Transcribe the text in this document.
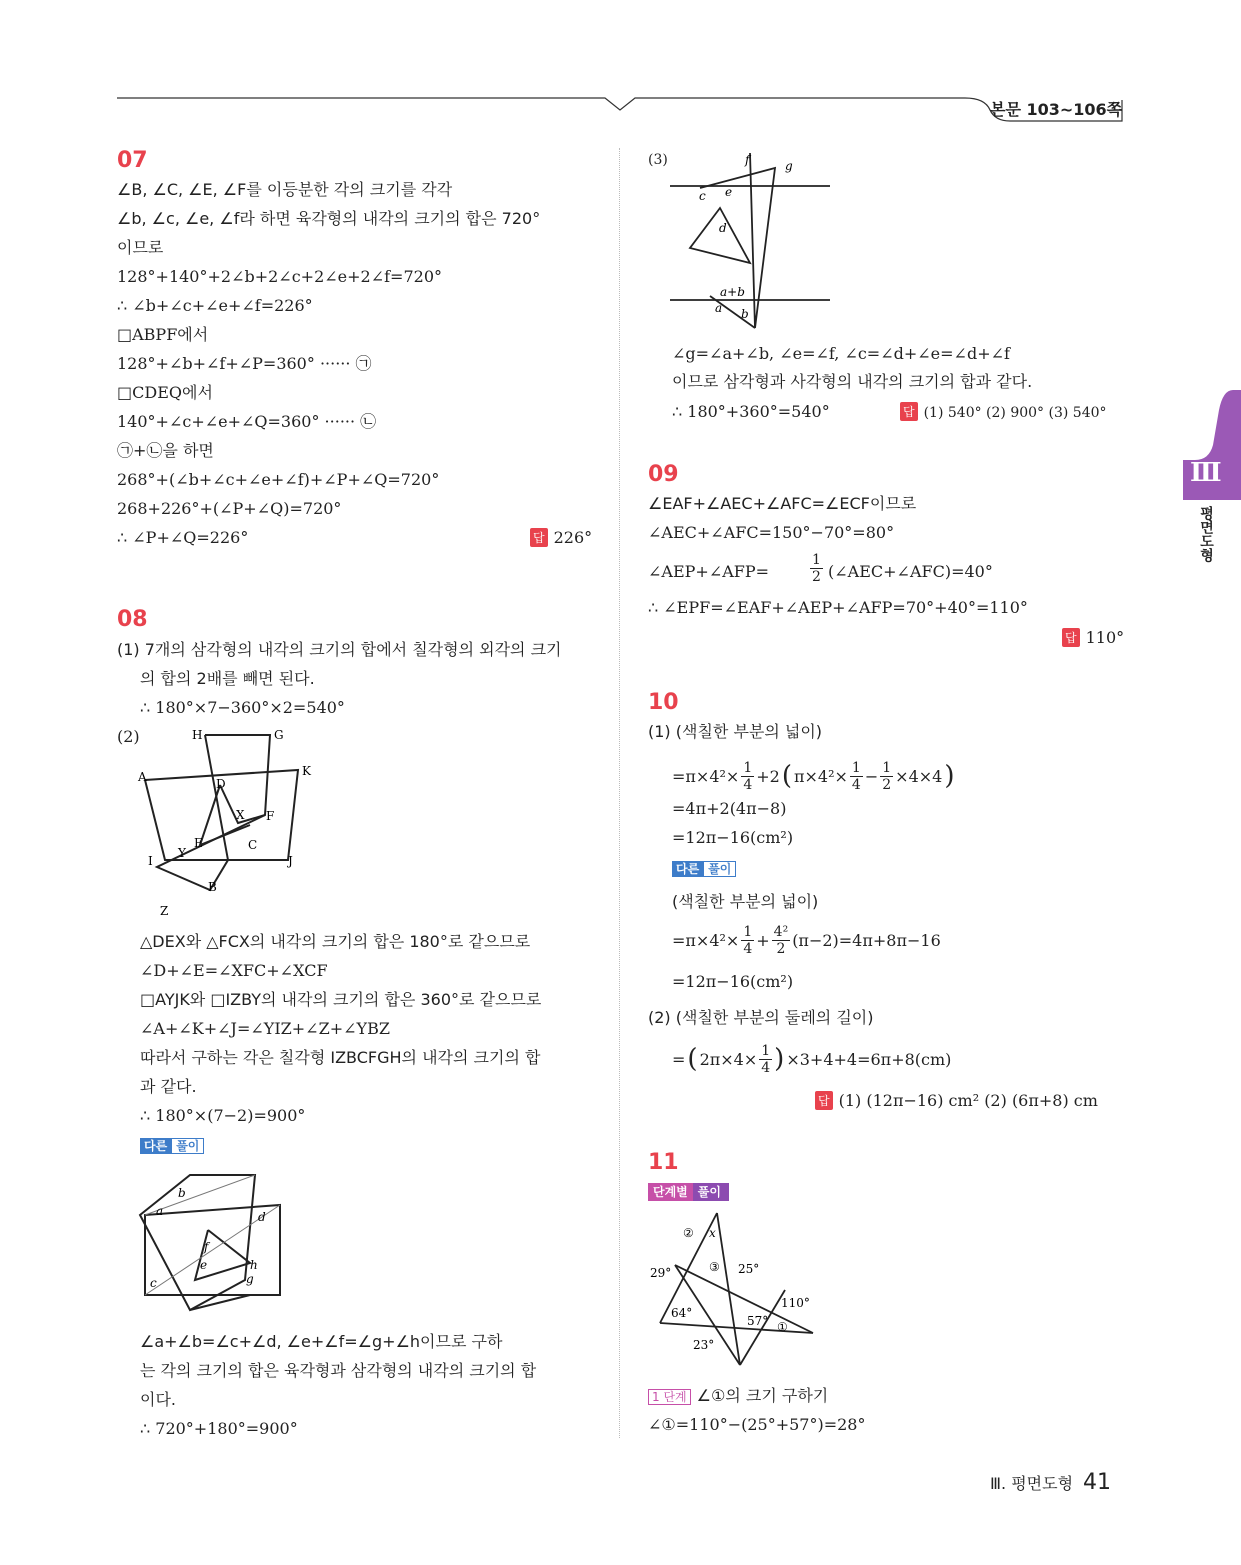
본문 103~106쪽
Ⅲ
평면도형
07
∠B, ∠C, ∠E, ∠F를 이등분한 각의 크기를 각각
∠b, ∠c, ∠e, ∠f라 하면 육각형의 내각의 크기의 합은 720°
이므로
128°+140°+2∠b+2∠c+2∠e+2∠f=720°
∴ ∠b+∠c+∠e+∠f=226°
□ABPF에서
128°+∠b+∠f+∠P=360° ······ ㉠
□CDEQ에서
140°+∠c+∠e+∠Q=360° ······ ㉡
㉠+㉡을 하면
268°+(∠b+∠c+∠e+∠f)+∠P+∠Q=720°
268+226°+(∠P+∠Q)=720°
∴ ∠P+∠Q=226°	답 226°
08
(1) 7개의 삼각형의 내각의 크기의 합에서 칠각형의 외각의 크기
의 합의 2배를 빼면 된다.
∴ 180°×7−360°×2=540°
(2)	H	G
A	K
D
X F
E	C
Y
I	J
B
Z
△DEX와 △FCX의 내각의 크기의 합은 180°로 같으므로
∠D+∠E=∠XFC+∠XCF
□AYJK와 □IZBY의 내각의 크기의 합은 360°로 같으므로
∠A+∠K+∠J=∠YIZ+∠Z+∠YBZ
따라서 구하는 각은 칠각형 IZBCFGH의 내각의 크기의 합
과 같다.
∴ 180°×(7−2)=900°
다른 풀이
b
a	d
f
e	h
g
c
∠a+∠b=∠c+∠d, ∠e+∠f=∠g+∠h이므로 구하
는 각의 크기의 합은 육각형과 삼각형의 내각의 크기의 합
이다.
∴ 720°+180°=900°
(3)	f	g
c e
d
a+b
a b
∠g=∠a+∠b, ∠e=∠f, ∠c=∠d+∠e=∠d+∠f
이므로 삼각형과 사각형의 내각의 크기의 합과 같다.
∴ 180°+360°=540°	답 (1) 540° (2) 900° (3) 540°
09
∠EAF+∠AEC+∠AFC=∠ECF이므로
∠AEC+∠AFC=150°−70°=80°
∠AEP+∠AFP=
1
2 (∠AEC+∠AFC)=40°
∴ ∠EPF=∠EAF+∠AEP+∠AFP=70°+40°=110°
답 110°
10
(1) (색칠한 부분의 넓이)
$=\pi\times 4^2\times \frac{1}{4} +2$ ( $\pi\times 4^2\times \frac{1}{4} - \frac{1}{2} \times 4\times 4$ )
=4π+2(4π−8)
=12π−16(cm²)
다른 풀이
(색칠한 부분의 넓이)
$=\pi\times 4^2\times \frac{1}{4} + \frac{\text{4²}}{2} (\pi-2)=4\pi+8\pi-16$
=12π−16(cm²)
(2) (색칠한 부분의 둘레의 길이)
= ( $2\pi\times 4\times \frac{1}{4}$ ) ×3+4+4=6π+8(cm)
답 (1) (12π−16) cm² (2) (6π+8) cm
11
단계별 풀이
② x
③
29°	25°
110°
64°
57° ①
23°
1 단계 ∠①의 크기 구하기
∠①=110°−(25°+57°)=28°
Ⅲ. 평면도형 41
